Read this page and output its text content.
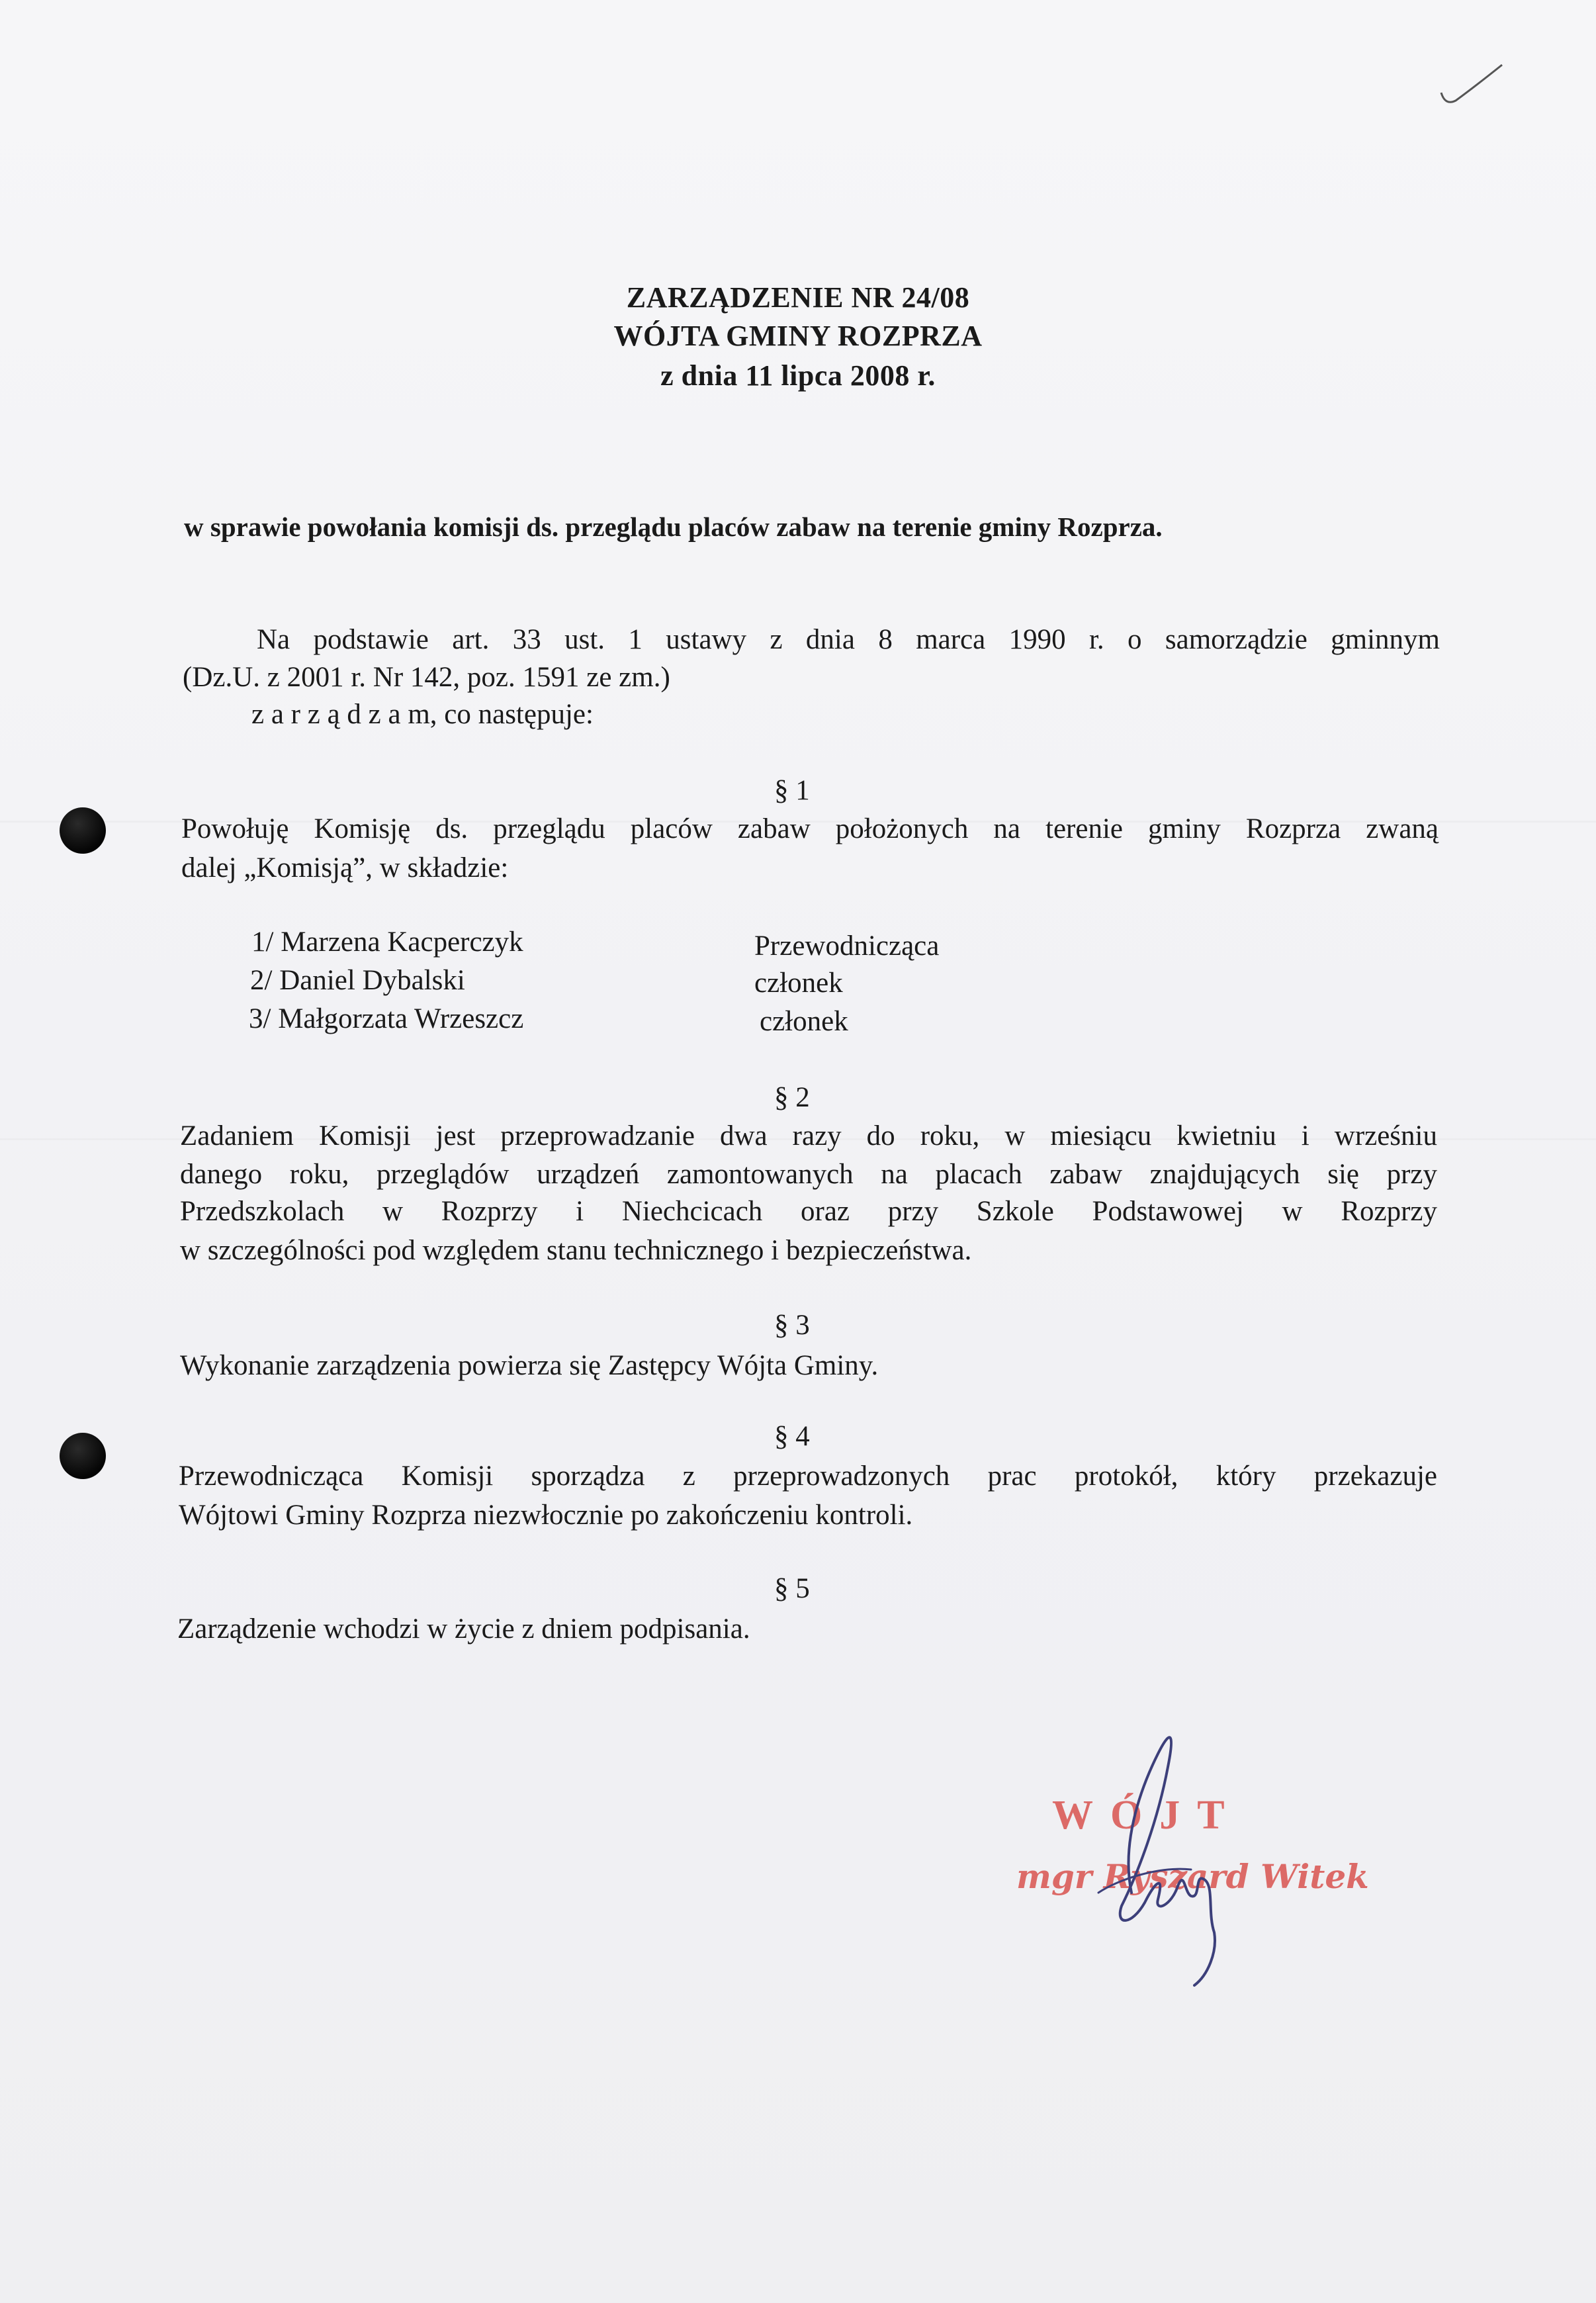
ZARZĄDZENIE NR 24/08
WÓJTA GMINY ROZPRZA
z dnia 11 lipca 2008 r.
w sprawie powołania komisji ds. przeglądu placów zabaw na terenie gminy Rozprza.
Na podstawie art. 33 ust. 1 ustawy z dnia 8 marca 1990 r. o samorządzie gminnym
(Dz.U. z 2001 r. Nr 142, poz. 1591 ze zm.)
z a r z ą d z a m, co następuje:
§ 1
Powołuję Komisję ds. przeglądu placów zabaw położonych na terenie gminy Rozprza zwaną
dalej „Komisją”, w składzie:
1/ Marzena Kacperczyk	Przewodnicząca
2/ Daniel Dybalski	członek
3/ Małgorzata Wrzeszcz	członek
§ 2
Zadaniem Komisji jest przeprowadzanie dwa razy do roku, w miesiącu kwietniu i wrześniu
danego roku, przeglądów urządzeń zamontowanych na placach zabaw znajdujących się przy
Przedszkolach w Rozprzy i Niechcicach oraz przy Szkole Podstawowej w Rozprzy
w szczególności pod względem stanu technicznego i bezpieczeństwa.
§ 3
Wykonanie zarządzenia powierza się Zastępcy Wójta Gminy.
§ 4
Przewodnicząca Komisji sporządza z przeprowadzonych prac protokół, który przekazuje
Wójtowi Gminy Rozprza niezwłocznie po zakończeniu kontroli.
§ 5
Zarządzenie wchodzi w życie z dniem podpisania.
WÓJT
mgr Ryszard Witek
